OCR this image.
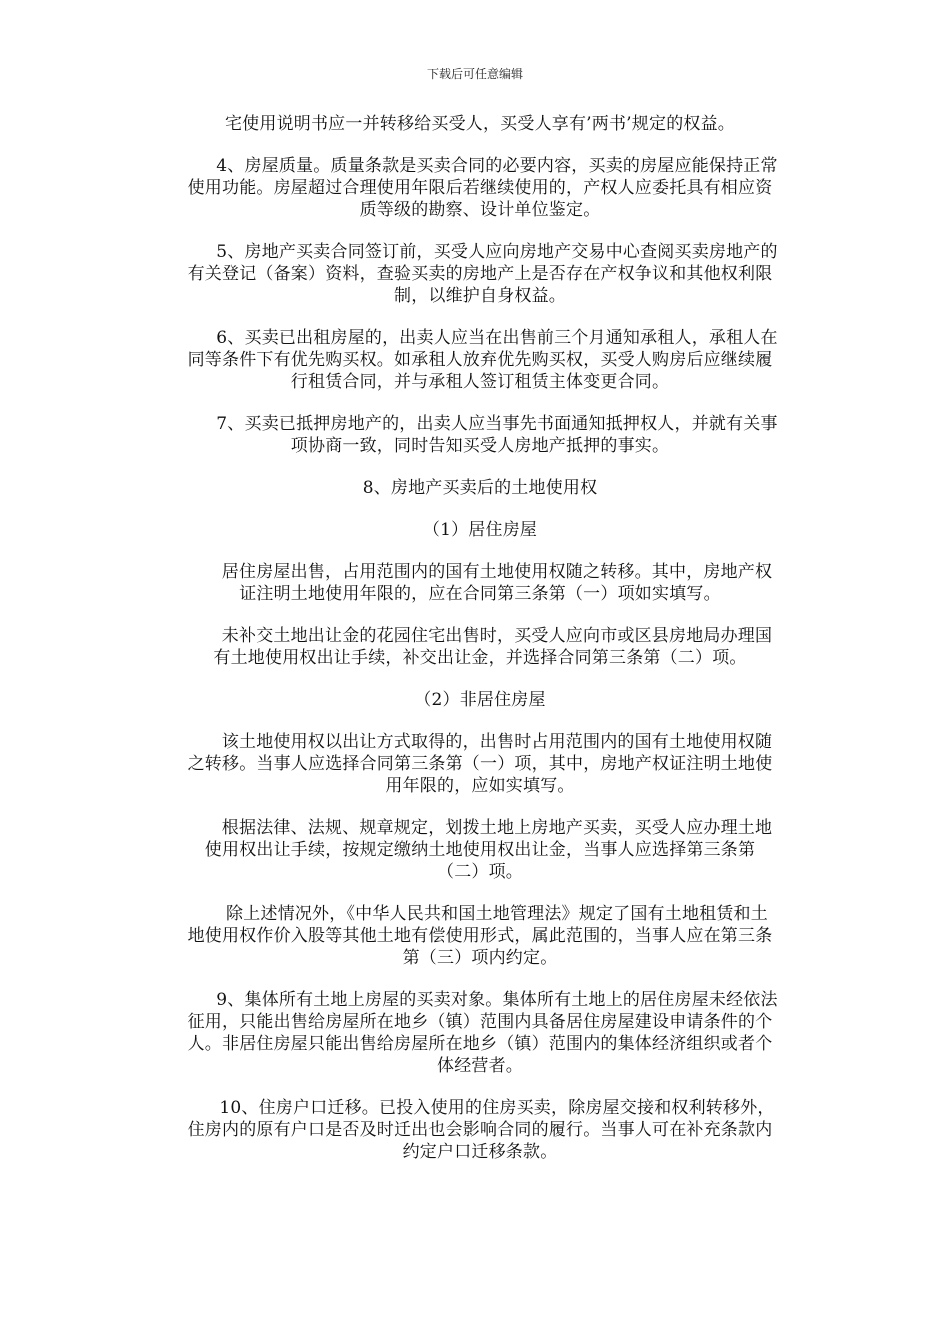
下载后可任意编辑
宅使用说明书应一并转移给买受人，买受人享有’两书’规定的权益。
4、房屋质量。质量条款是买卖合同的必要内容，买卖的房屋应能保持正常
使用功能。房屋超过合理使用年限后若继续使用的，产权人应委托具有相应资
质等级的勘察、设计单位鉴定。
5、房地产买卖合同签订前，买受人应向房地产交易中心查阅买卖房地产的
有关登记（备案）资料，查验买卖的房地产上是否存在产权争议和其他权利限
制，以维护自身权益。
6、买卖已出租房屋的，出卖人应当在出售前三个月通知承租人，承租人在
同等条件下有优先购买权。如承租人放弃优先购买权，买受人购房后应继续履
行租赁合同，并与承租人签订租赁主体变更合同。
7、买卖已抵押房地产的，出卖人应当事先书面通知抵押权人，并就有关事
项协商一致，同时告知买受人房地产抵押的事实。
8、房地产买卖后的土地使用权
（1）居住房屋
居住房屋出售，占用范围内的国有土地使用权随之转移。其中，房地产权
证注明土地使用年限的，应在合同第三条第（一）项如实填写。
未补交土地出让金的花园住宅出售时，买受人应向市或区县房地局办理国
有土地使用权出让手续，补交出让金，并选择合同第三条第（二）项。
（2）非居住房屋
该土地使用权以出让方式取得的，出售时占用范围内的国有土地使用权随
之转移。当事人应选择合同第三条第（一）项，其中，房地产权证注明土地使
用年限的，应如实填写。
根据法律、法规、规章规定，划拨土地上房地产买卖，买受人应办理土地
使用权出让手续，按规定缴纳土地使用权出让金，当事人应选择第三条第
（二）项。
除上述情况外，《中华人民共和国土地管理法》规定了国有土地租赁和土
地使用权作价入股等其他土地有偿使用形式，属此范围的，当事人应在第三条
第（三）项内约定。
9、集体所有土地上房屋的买卖对象。集体所有土地上的居住房屋未经依法
征用，只能出售给房屋所在地乡（镇）范围内具备居住房屋建设申请条件的个
人。非居住房屋只能出售给房屋所在地乡（镇）范围内的集体经济组织或者个
体经营者。
10、住房户口迁移。已投入使用的住房买卖，除房屋交接和权利转移外，
住房内的原有户口是否及时迁出也会影响合同的履行。当事人可在补充条款内
约定户口迁移条款。
